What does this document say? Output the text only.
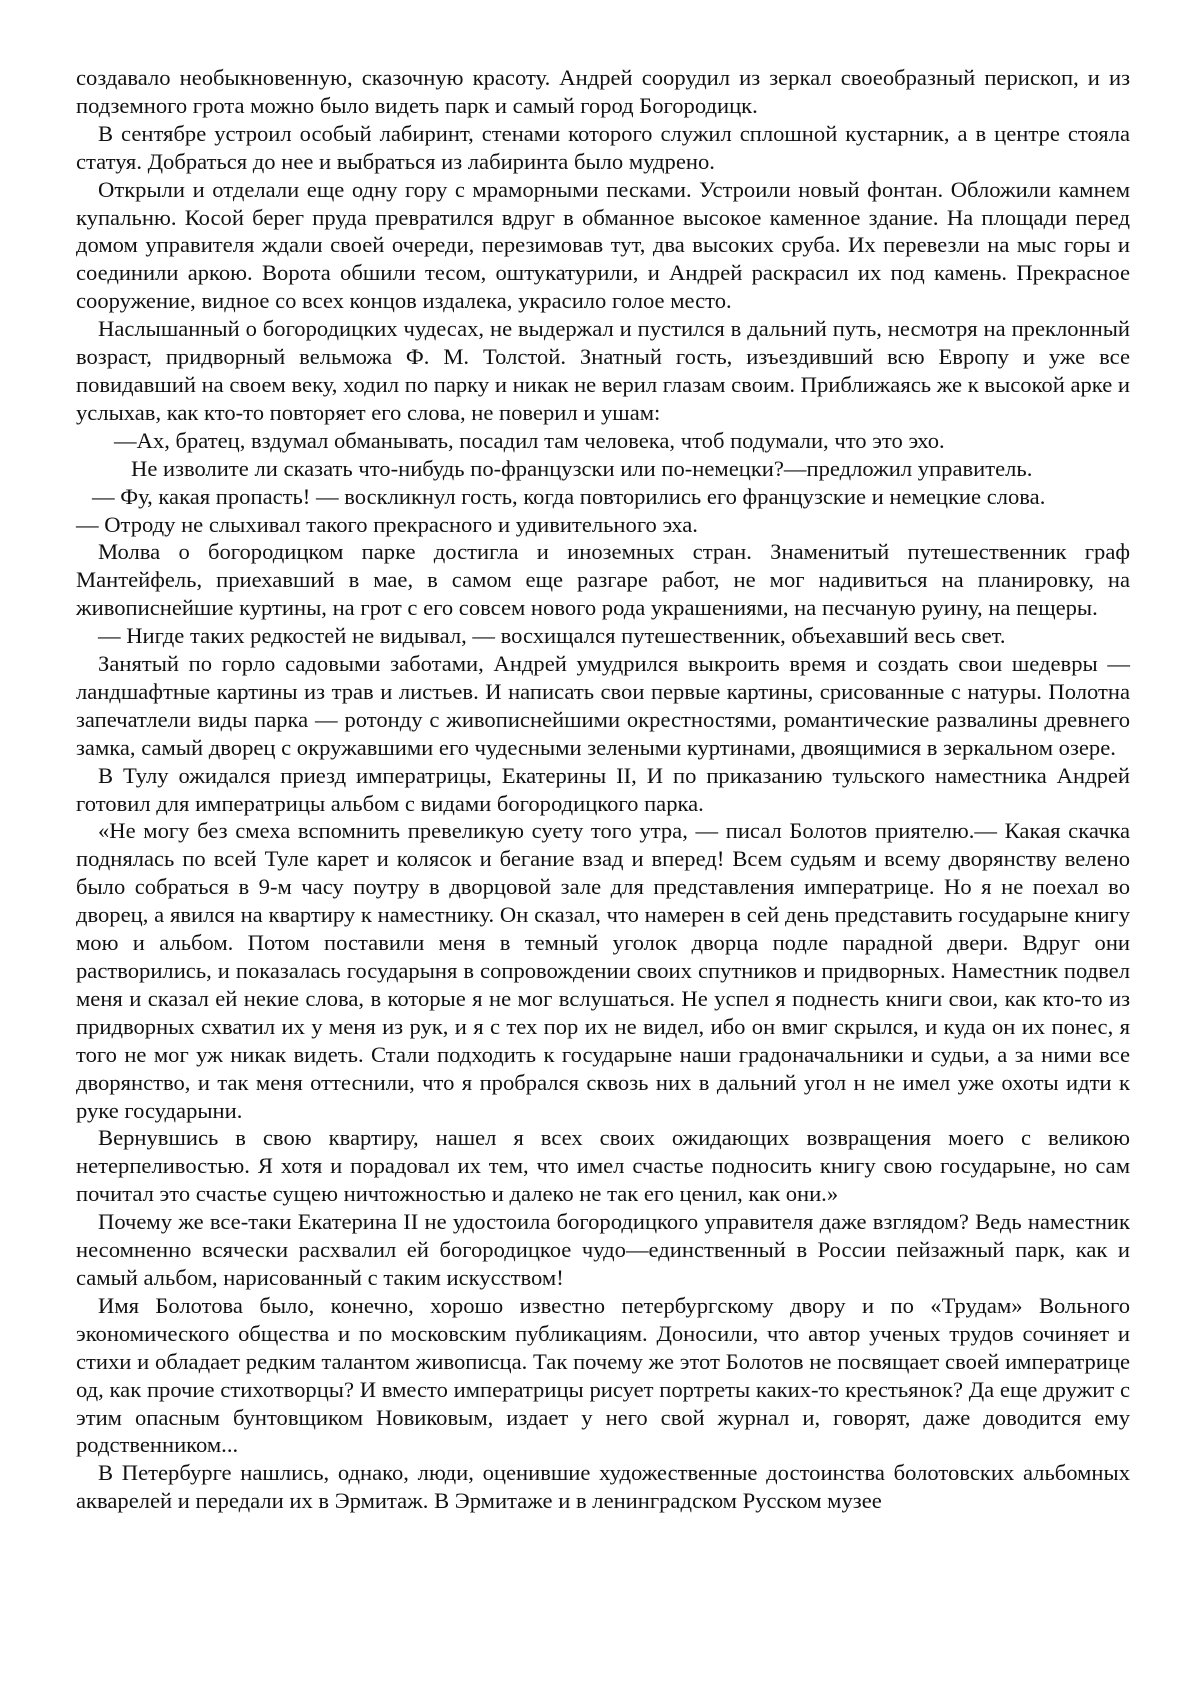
создавало необыкновенную, сказочную красоту. Андрей соорудил из зеркал своеобразный перископ, и из подземного грота можно было видеть парк и самый город Богородицк.

В сентябре устроил особый лабиринт, стенами которого служил сплошной кустарник, а в центре стояла статуя. Добраться до нее и выбраться из лабиринта было мудрено.

Открыли и отделали еще одну гору с мраморными песками. Устроили новый фонтан. Обложили камнем купальню. Косой берег пруда превратился вдруг в обманное высокое каменное здание. На площади перед домом управителя ждали своей очереди, перезимовав тут, два высоких сруба. Их перевезли на мыс горы и соединили аркою. Ворота обшили тесом, оштукатурили, и Андрей раскрасил их под камень. Прекрасное сооружение, видное со всех концов издалека, украсило голое место.

Наслышанный о богородицких чудесах, не выдержал и пустился в дальний путь, несмотря на преклонный возраст, придворный вельможа Ф. М. Толстой. Знатный гость, изъездивший всю Европу и уже все повидавший на своем веку, ходил по парку и никак не верил глазам своим. Приближаясь же к высокой арке и услыхав, как кто-то повторяет его слова, не поверил и ушам:

—Ах, братец, вздумал обманывать, посадил там человека, чтоб подумали, что это эхо.

Не изволите ли сказать что-нибудь по-французски или по-немецки?—предложил управитель.

— Фу, какая пропасть! — воскликнул гость, когда повторились его французские и немецкие слова.

— Отроду не слыхивал такого прекрасного и удивительного эха.

Молва о богородицком парке достигла и иноземных стран. Знаменитый путешественник граф Мантейфель, приехавший в мае, в самом еще разгаре работ, не мог надивиться на планировку, на живописнейшие куртины, на грот с его совсем нового рода украшениями, на песчаную руину, на пещеры.

— Нигде таких редкостей не видывал, — восхищался путешественник, объехавший весь свет.

Занятый по горло садовыми заботами, Андрей умудрился выкроить время и создать свои шедевры — ландшафтные картины из трав и листьев. И написать свои первые картины, срисованные с натуры. Полотна запечатлели виды парка — ротонду с живописнейшими окрестностями, романтические развалины древнего замка, самый дворец с окружавшими его чудесными зелеными куртинами, двоящимися в зеркальном озере.

В Тулу ожидался приезд императрицы, Екатерины II, И по приказанию тульского наместника Андрей готовил для императрицы альбом с видами богородицкого парка.

«Не могу без смеха вспомнить превеликую суету того утра, — писал Болотов приятелю.— Какая скачка поднялась по всей Туле карет и колясок и бегание взад и вперед! Всем судьям и всему дворянству велено было собраться в 9-м часу поутру в дворцовой зале для представления императрице. Но я не поехал во дворец, а явился на квартиру к наместнику. Он сказал, что намерен в сей день представить государыне книгу мою и альбом. Потом поставили меня в темный уголок дворца подле парадной двери. Вдруг они растворились, и показалась государыня в сопровождении своих спутников и придворных. Наместник подвел меня и сказал ей некие слова, в которые я не мог вслушаться. Не успел я поднесть книги свои, как кто-то из придворных схватил их у меня из рук, и я с тех пор их не видел, ибо он вмиг скрылся, и куда он их понес, я того не мог уж никак видеть. Стали подходить к государыне наши градоначальники и судьи, а за ними все дворянство, и так меня оттеснили, что я пробрался сквозь них в дальний угол н не имел уже охоты идти к руке государыни.

Вернувшись в свою квартиру, нашел я всех своих ожидающих возвращения моего с великою нетерпеливостью. Я хотя и порадовал их тем, что имел счастье подносить книгу свою государыне, но сам почитал это счастье сущею ничтожностью и далеко не так его ценил, как они.»

Почему же все-таки Екатерина II не удостоила богородицкого управителя даже взглядом? Ведь наместник несомненно всячески расхвалил ей богородицкое чудо—единственный в России пейзажный парк, как и самый альбом, нарисованный с таким искусством!

Имя Болотова было, конечно, хорошо известно петербургскому двору и по «Трудам» Вольного экономического общества и по московским публикациям. Доносили, что автор ученых трудов сочиняет и стихи и обладает редким талантом живописца. Так почему же этот Болотов не посвящает своей императрице од, как прочие стихотворцы? И вместо императрицы рисует портреты каких-то крестьянок? Да еще дружит с этим опасным бунтовщиком Новиковым, издает у него свой журнал и, говорят, даже доводится ему родственником...

В Петербурге нашлись, однако, люди, оценившие художественные достоинства болотовских альбомных акварелей и передали их в Эрмитаж. В Эрмитаже и в ленинградском Русском музее
